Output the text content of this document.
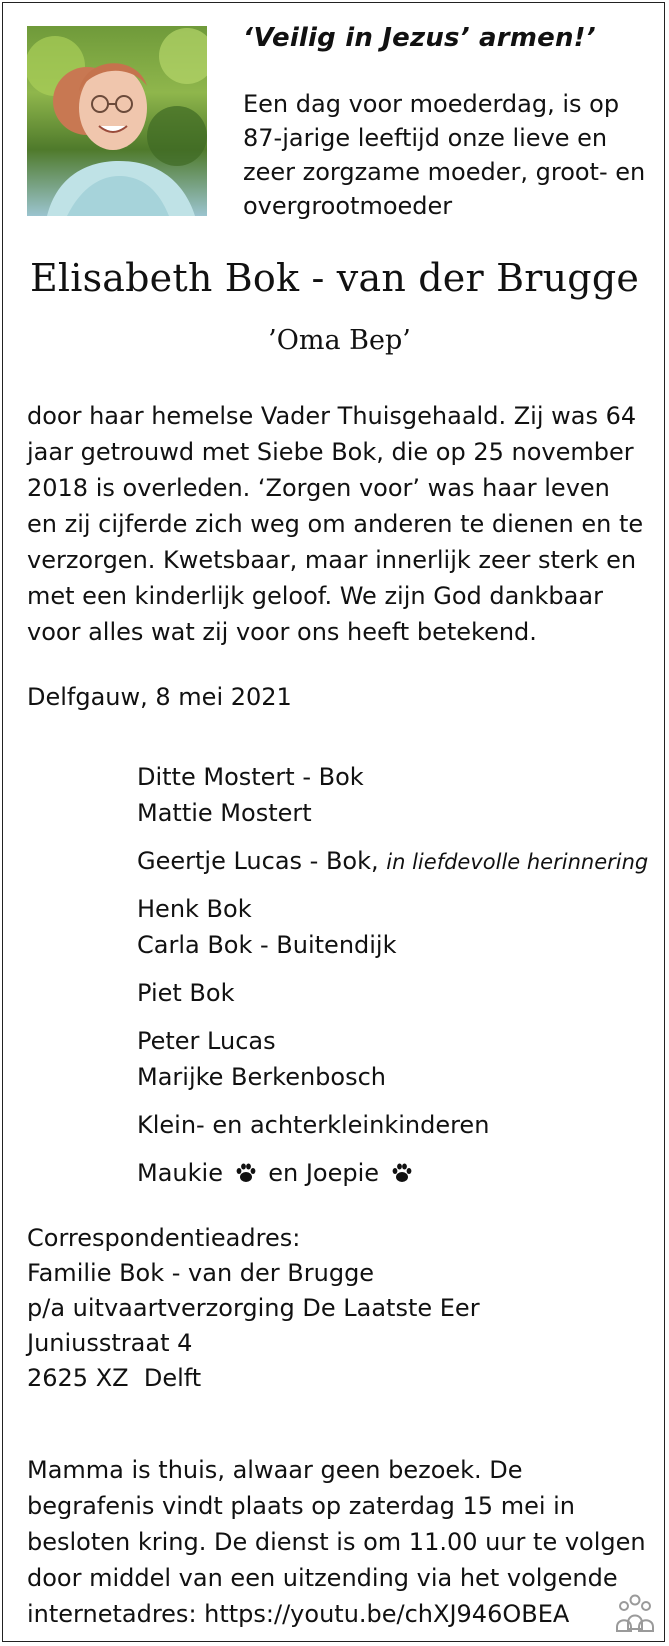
‘Veilig in Jezus’ armen!’
Een dag voor moederdag, is op 87-jarige leeftijd onze lieve en zeer zorgzame moeder, groot- en overgrootmoeder
Elisabeth Bok - van der Brugge
’Oma Bep’
door haar hemelse Vader Thuisgehaald. Zij was 64 jaar getrouwd met Siebe Bok, die op 25 november 2018 is overleden. ‘Zorgen voor’ was haar leven en zij cijferde zich weg om anderen te dienen en te verzorgen. Kwetsbaar, maar innerlijk zeer sterk en met een kinderlijk geloof. We zijn God dankbaar voor alles wat zij voor ons heeft betekend.
Delfgauw, 8 mei 2021
Ditte Mostert - Bok
Mattie Mostert
Geertje Lucas - Bok, in liefdevolle herinnering
Henk Bok
Carla Bok - Buitendijk
Piet Bok
Peter Lucas
Marijke Berkenbosch
Klein- en achterkleinkinderen
Maukie en Joepie
Correspondentieadres:
Familie Bok - van der Brugge
p/a uitvaartverzorging De Laatste Eer
Juniusstraat 4
2625 XZ  Delft
Mamma is thuis, alwaar geen bezoek. De begrafenis vindt plaats op zaterdag 15 mei in besloten kring. De dienst is om 11.00 uur te volgen door middel van een uitzending via het volgende
internetadres: https://youtu.be/chXJ946OBEA
